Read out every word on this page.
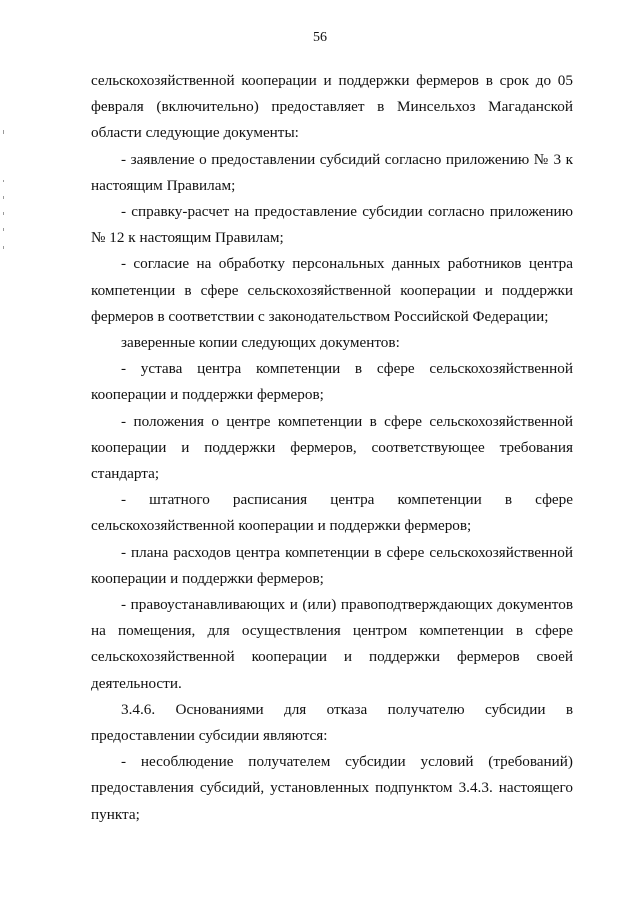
56

сельскохозяйственной кооперации и поддержки фермеров в срок до 05 февраля (включительно) предоставляет в Минсельхоз Магаданской области следующие документы:

- заявление о предоставлении субсидий согласно приложению № 3 к настоящим Правилам;

- справку-расчет на предоставление субсидии согласно приложению № 12 к настоящим Правилам;

- согласие на обработку персональных данных работников центра компетенции в сфере сельскохозяйственной кооперации и поддержки фермеров в соответствии с законодательством Российской Федерации;

заверенные копии следующих документов:

- устава центра компетенции в сфере сельскохозяйственной кооперации и поддержки фермеров;

- положения о центре компетенции в сфере сельскохозяйственной кооперации и поддержки фермеров, соответствующее требования стандарта;

- штатного расписания центра компетенции в сфере сельскохозяйственной кооперации и поддержки фермеров;

- плана расходов центра компетенции в сфере сельскохозяйственной кооперации и поддержки фермеров;

- правоустанавливающих и (или) правоподтверждающих документов на помещения, для осуществления центром компетенции в сфере сельскохозяйственной кооперации и поддержки фермеров своей деятельности.

3.4.6. Основаниями для отказа получателю субсидии в предоставлении субсидии являются:

- несоблюдение получателем субсидии условий (требований) предоставления субсидий, установленных подпунктом 3.4.3. настоящего пункта;
